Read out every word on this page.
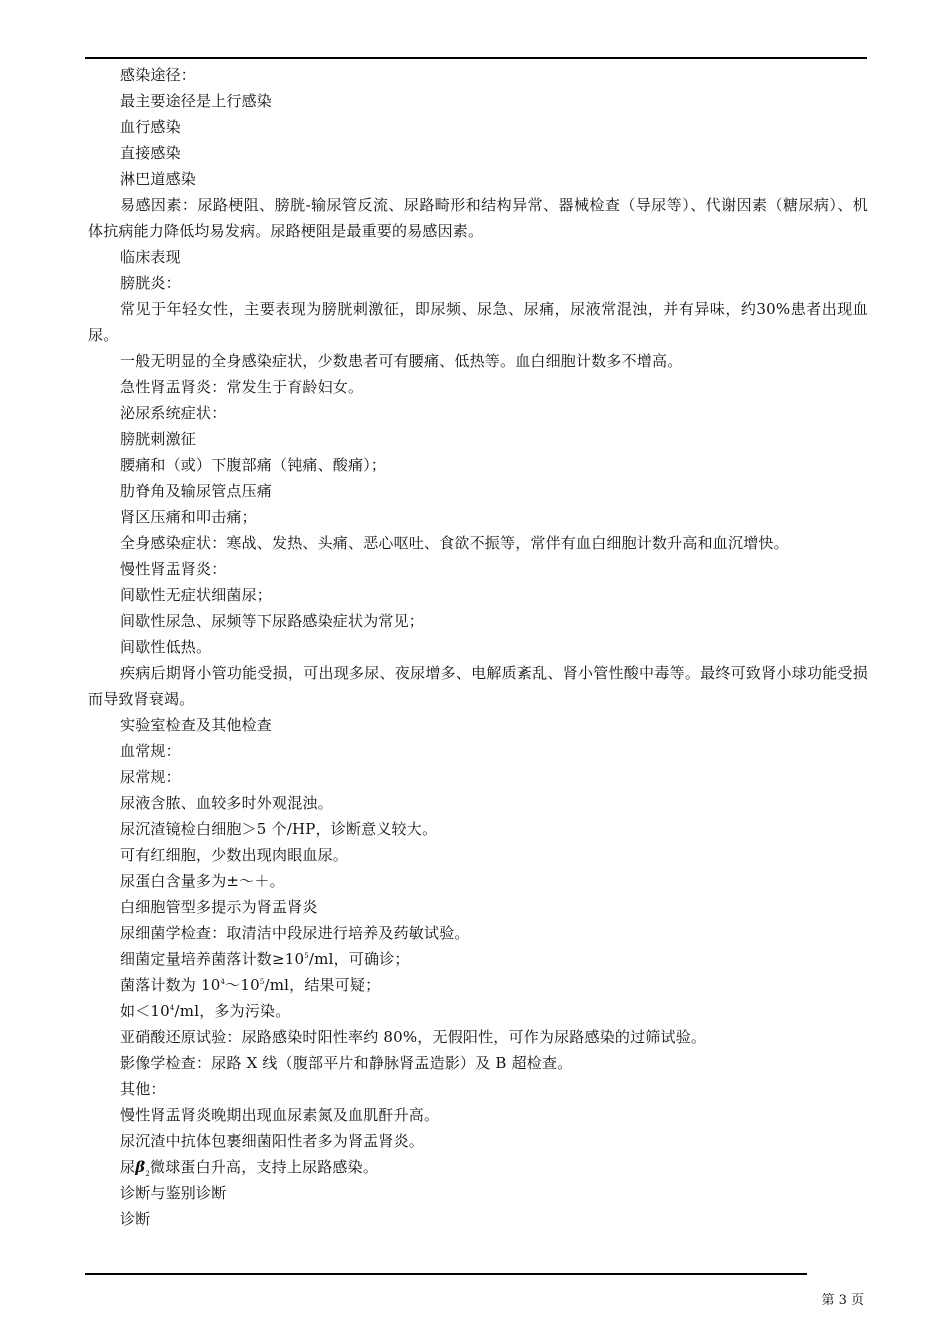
感染途径：

最主要途径是上行感染

血行感染

直接感染

淋巴道感染

易感因素：尿路梗阻、膀胱-输尿管反流、尿路畸形和结构异常、器械检查（导尿等）、代谢因素（糖尿病）、机体抗病能力降低均易发病。尿路梗阻是最重要的易感因素。

临床表现

膀胱炎：

常见于年轻女性，主要表现为膀胱刺激征，即尿频、尿急、尿痛，尿液常混浊，并有异味，约30%患者出现血尿。

一般无明显的全身感染症状，少数患者可有腰痛、低热等。血白细胞计数多不增高。

急性肾盂肾炎：常发生于育龄妇女。

泌尿系统症状：

膀胱刺激征

腰痛和（或）下腹部痛（钝痛、酸痛）；

肋脊角及输尿管点压痛

肾区压痛和叩击痛；

全身感染症状：寒战、发热、头痛、恶心呕吐、食欲不振等，常伴有血白细胞计数升高和血沉增快。

慢性肾盂肾炎：

间歇性无症状细菌尿；

间歇性尿急、尿频等下尿路感染症状为常见；

间歇性低热。

疾病后期肾小管功能受损，可出现多尿、夜尿增多、电解质紊乱、肾小管性酸中毒等。最终可致肾小球功能受损而导致肾衰竭。

实验室检查及其他检查

血常规：

尿常规：

尿液含脓、血较多时外观混浊。

尿沉渣镜检白细胞＞5 个/HP，诊断意义较大。

可有红细胞，少数出现肉眼血尿。

尿蛋白含量多为±～＋。

白细胞管型多提示为肾盂肾炎

尿细菌学检查：取清洁中段尿进行培养及药敏试验。

细菌定量培养菌落计数$\ge 10^5/ml$，可确诊；

菌落计数为 $10^4\sim 10^5/ml$，结果可疑；

如$<10^4/ml$，多为污染。

亚硝酸还原试验：尿路感染时阳性率约 80%，无假阳性，可作为尿路感染的过筛试验。

影像学检查：尿路 X 线（腹部平片和静脉肾盂造影）及 B 超检查。

其他：

慢性肾盂肾炎晚期出现血尿素氮及血肌酐升高。

尿沉渣中抗体包裹细菌阳性者多为肾盂肾炎。

尿$\beta_2$微球蛋白升高，支持上尿路感染。

诊断与鉴别诊断

诊断

第 3 页
